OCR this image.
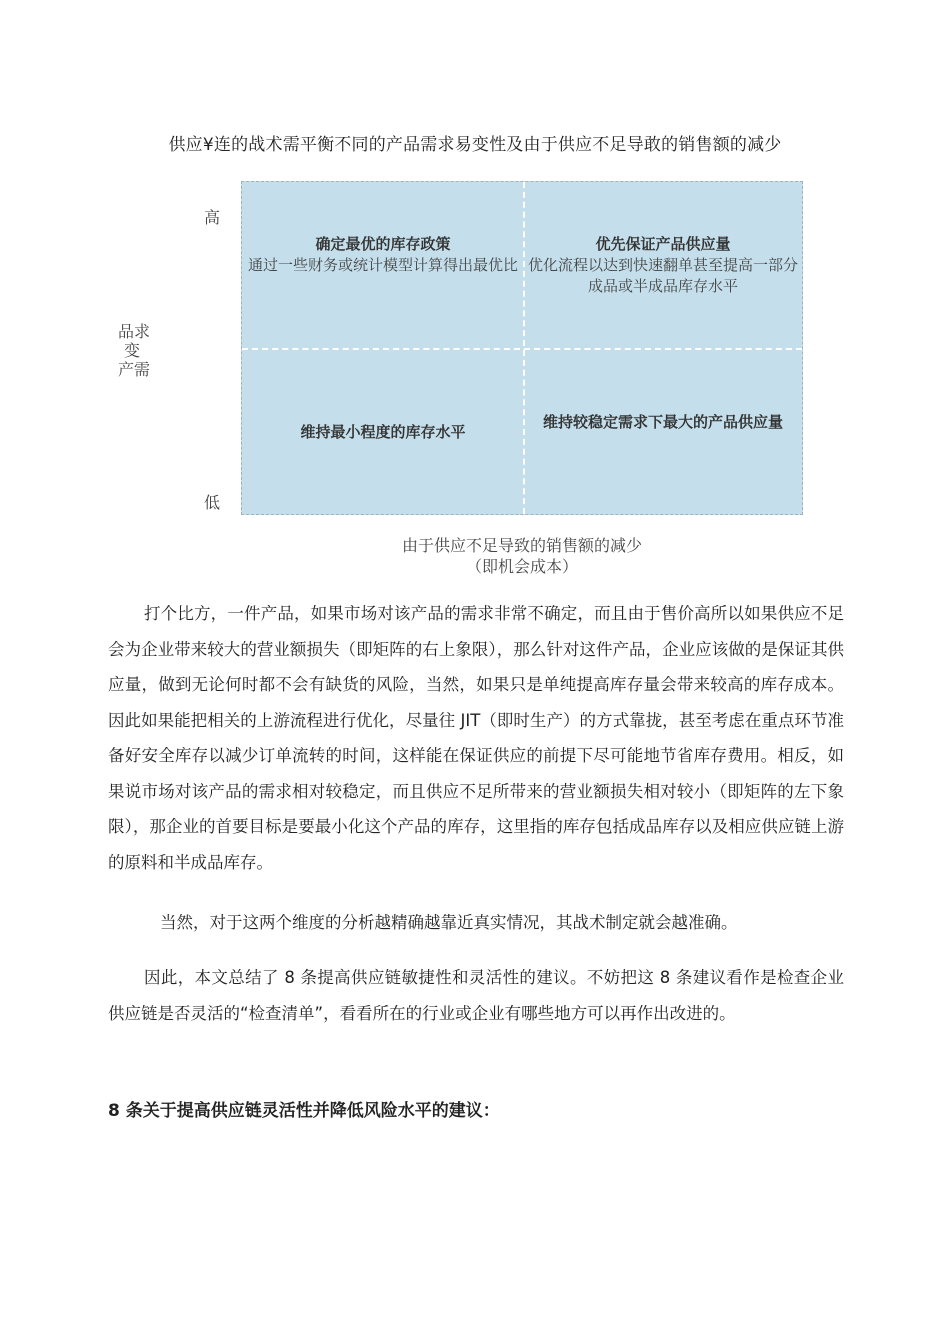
供应¥连的战术需平衡不同的产品需求易变性及由于供应不足导敢的销售额的减少
高
低
品求
变
产需
确定最优的库存政策
通过一些财务或统计模型计算得出最优比
优先保证产品供应量
优化流程以达到快速翻单甚至提高一部分成品或半成品库存水平
维持最小程度的库存水平
维持较稳定需求下最大的产品供应量
由于供应不足导致的销售额的减少
（即机会成本）

打个比方，一件产品，如果市场对该产品的需求非常不确定，而且由于售价高所以如果供应不足会为企业带来较大的营业额损失（即矩阵的右上象限），那么针对这件产品，企业应该做的是保证其供应量，做到无论何时都不会有缺货的风险，当然，如果只是单纯提高库存量会带来较高的库存成本。因此如果能把相关的上游流程进行优化，尽量往 JIT（即时生产）的方式靠拢，甚至考虑在重点环节准备好安全库存以减少订单流转的时间，这样能在保证供应的前提下尽可能地节省库存费用。相反，如果说市场对该产品的需求相对较稳定，而且供应不足所带来的营业额损失相对较小（即矩阵的左下象限），那企业的首要目标是要最小化这个产品的库存，这里指的库存包括成品库存以及相应供应链上游的原料和半成品库存。

当然，对于这两个维度的分析越精确越靠近真实情况，其战术制定就会越准确。

因此，本文总结了 8 条提高供应链敏捷性和灵活性的建议。不妨把这 8 条建议看作是检查企业供应链是否灵活的“检查清单”，看看所在的行业或企业有哪些地方可以再作出改进的。

8 条关于提高供应链灵活性并降低风险水平的建议：
